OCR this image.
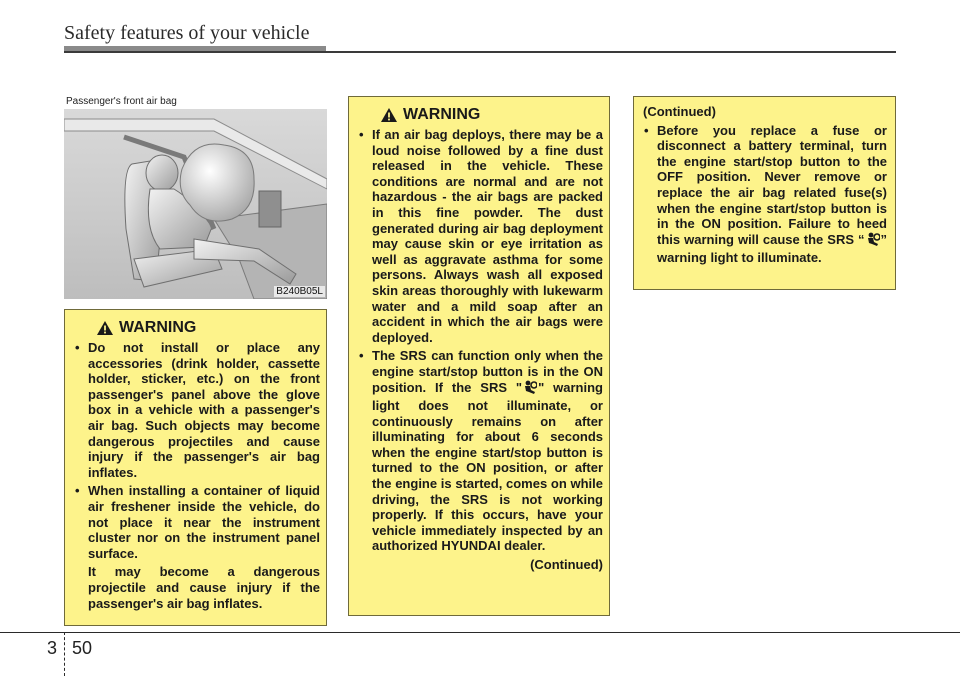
Safety features of your vehicle
Passenger's front air bag
B240B05L
WARNING
• Do not install or place any accessories (drink holder, cassette holder, sticker, etc.) on the front passenger's panel above the glove box in a vehicle with a passenger's air bag. Such objects may become dangerous projectiles and cause injury if the passenger's air bag inflates.
• When installing a container of liquid air freshener inside the vehicle, do not place it near the instrument cluster nor on the instrument panel surface.
It may become a dangerous projectile and cause injury if the passenger's air bag inflates.
WARNING
• If an air bag deploys, there may be a loud noise followed by a fine dust released in the vehicle. These conditions are normal and are not hazardous - the air bags are packed in this fine powder. The dust generated during air bag deployment may cause skin or eye irritation as well as aggravate asthma for some persons. Always wash all exposed skin areas thoroughly with lukewarm water and a mild soap after an accident in which the air bags were deployed.
• The SRS can function only when the engine start/stop button is in the ON position. If the SRS " " warning light does not illuminate, or continuously remains on after illuminating for about 6 seconds when the engine start/stop button is turned to the ON position, or after the engine is started, comes on while driving, the SRS is not working properly. If this occurs, have your vehicle immediately inspected by an authorized HYUNDAI dealer.
(Continued)
(Continued)
• Before you replace a fuse or disconnect a battery terminal, turn the engine start/stop button to the OFF position. Never remove or replace the air bag related fuse(s) when the engine start/stop button is in the ON position. Failure to heed this warning will cause the SRS “ ” warning light to illuminate.
3 50
